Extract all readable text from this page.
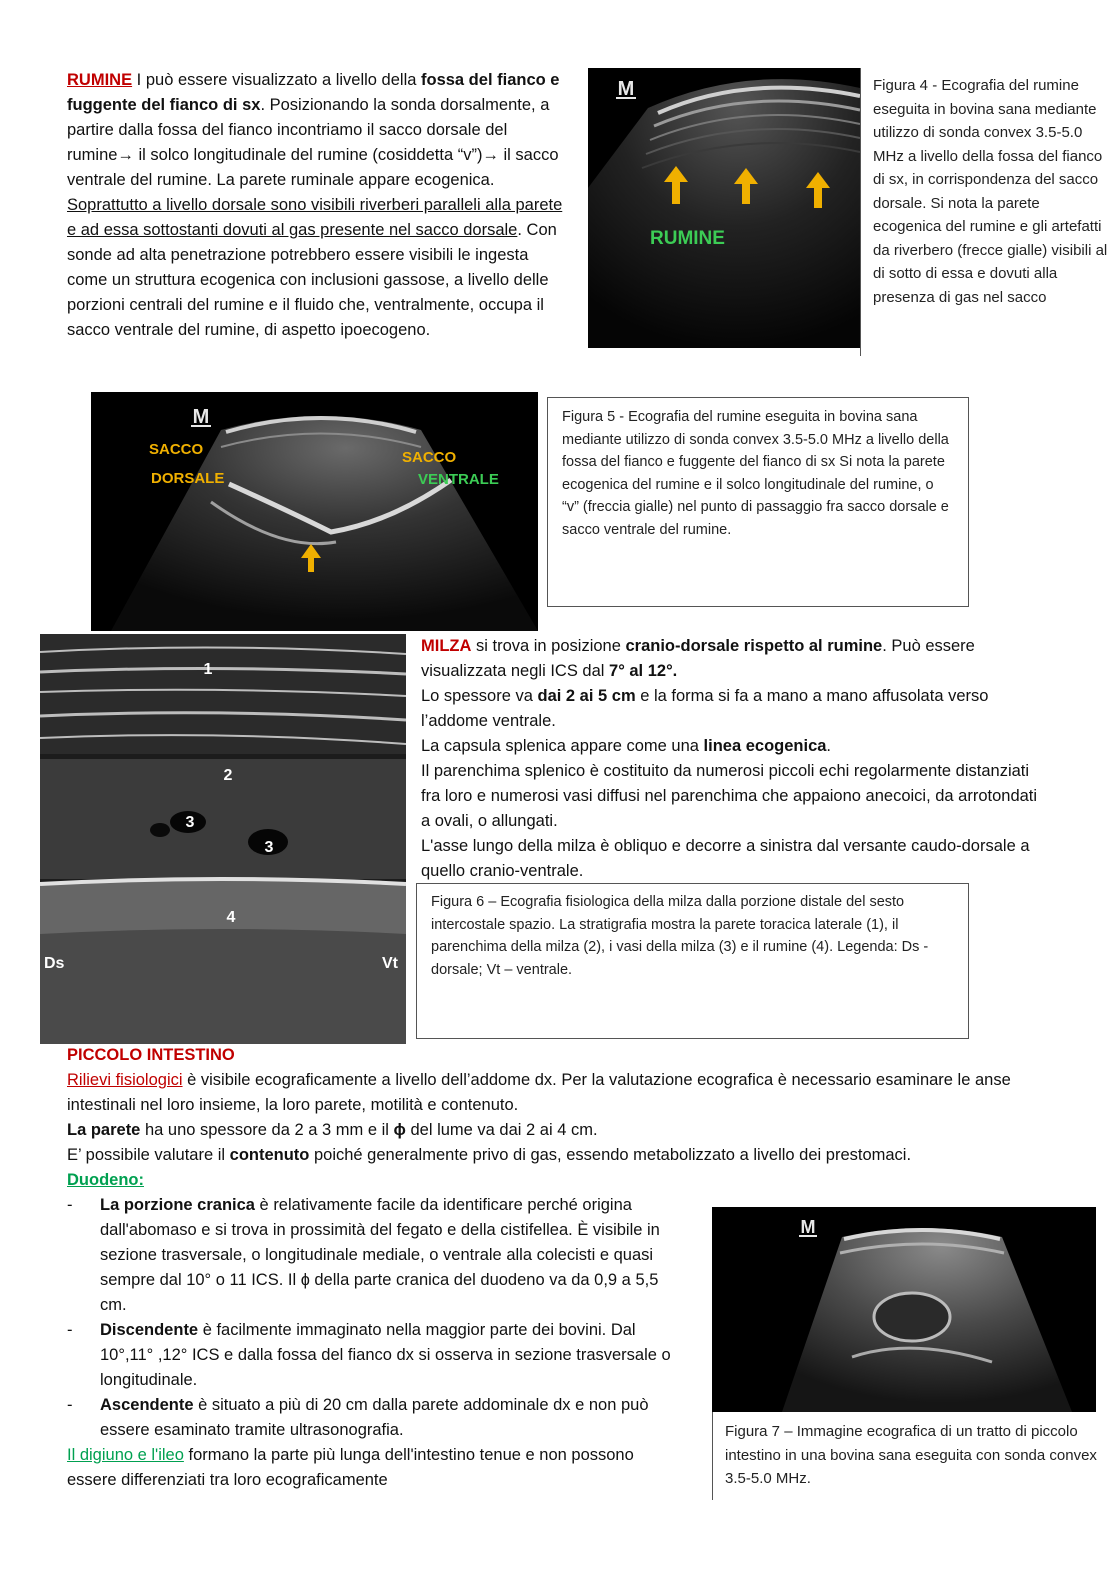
RUMINE I può essere visualizzato a livello della fossa del fianco e fuggente del fianco di sx. Posizionando la sonda dorsalmente, a partire dalla fossa del fianco incontriamo il sacco dorsale del rumine→ il solco longitudinale del rumine (cosiddetta “v”)→ il sacco ventrale del rumine. La parete ruminale appare ecogenica. Soprattutto a livello dorsale sono visibili riverberi paralleli alla parete e ad essa sottostanti dovuti al gas presente nel sacco dorsale. Con sonde ad alta penetrazione potrebbero essere visibili le ingesta come un struttura ecogenica con inclusioni gassose, a livello delle porzioni centrali del rumine e il fluido che, ventralmente, occupa il sacco ventrale del rumine, di aspetto ipoecogeno.
M
RUMINE
Figura 4 - Ecografia del rumine eseguita in bovina sana mediante utilizzo di sonda convex 3.5-5.0 MHz a livello della fossa del fianco di sx, in corrispondenza del sacco dorsale. Si nota la parete ecogenica del rumine e gli artefatti da riverbero (frecce gialle) visibili al di sotto di essa e dovuti alla presenza di gas nel sacco
M
SACCO
DORSALE
SACCO
VENTRALE
Figura 5 - Ecografia del rumine eseguita in bovina sana mediante utilizzo di sonda convex 3.5-5.0 MHz a livello della fossa del fianco e fuggente del fianco di sx Si nota la parete ecogenica del rumine e il solco longitudinale del rumine, o “v” (freccia gialle) nel punto di passaggio fra sacco dorsale e sacco ventrale del rumine.
1
2
3
3
4
Ds	Vt
MILZA si trova in posizione cranio-dorsale rispetto al rumine. Può essere visualizzata negli ICS dal 7° al 12°.
Lo spessore va dai 2 ai 5 cm e la forma si fa a mano a mano affusolata verso l’addome ventrale.
La capsula splenica appare come una linea ecogenica.
Il parenchima splenico è costituito da numerosi piccoli echi regolarmente distanziati fra loro e numerosi vasi diffusi nel parenchima che appaiono anecoici, da arrotondati a ovali, o allungati.
L'asse lungo della milza è obliquo e decorre a sinistra dal versante caudo-dorsale a quello cranio-ventrale.
Figura 6 – Ecografia fisiologica della milza dalla porzione distale del sesto intercostale spazio. La stratigrafia mostra la parete toracica laterale (1), il parenchima della milza (2), i vasi della milza (3) e il rumine (4). Legenda: Ds - dorsale; Vt – ventrale.
PICCOLO INTESTINO
Rilievi fisiologici è visibile ecograficamente a livello dell’addome dx. Per la valutazione ecografica è necessario esaminare le anse intestinali nel loro insieme, la loro parete, motilità e contenuto.
La parete ha uno spessore da 2 a 3 mm e il ɸ del lume va dai 2 ai 4 cm.
E’ possibile valutare il contenuto poiché generalmente privo di gas, essendo metabolizzato a livello dei prestomaci.
Duodeno:
- La porzione cranica è relativamente facile da identificare perché origina dall'abomaso e si trova in prossimità del fegato e della cistifellea. È visibile in sezione trasversale, o longitudinale mediale, o ventrale alla colecisti e quasi sempre dal 10° o 11 ICS. Il ɸ della parte cranica del duodeno va da 0,9 a 5,5 cm.
- Discendente è facilmente immaginato nella maggior parte dei bovini. Dal 10°,11° ,12° ICS e dalla fossa del fianco dx si osserva in sezione trasversale o longitudinale.
- Ascendente è situato a più di 20 cm dalla parete addominale dx e non può essere esaminato tramite ultrasonografia.
Il digiuno e l'ileo formano la parte più lunga dell'intestino tenue e non possono essere differenziati tra loro ecograficamente
M
Figura 7 – Immagine ecografica di un tratto di piccolo intestino in una bovina sana eseguita con sonda convex 3.5-5.0 MHz.
